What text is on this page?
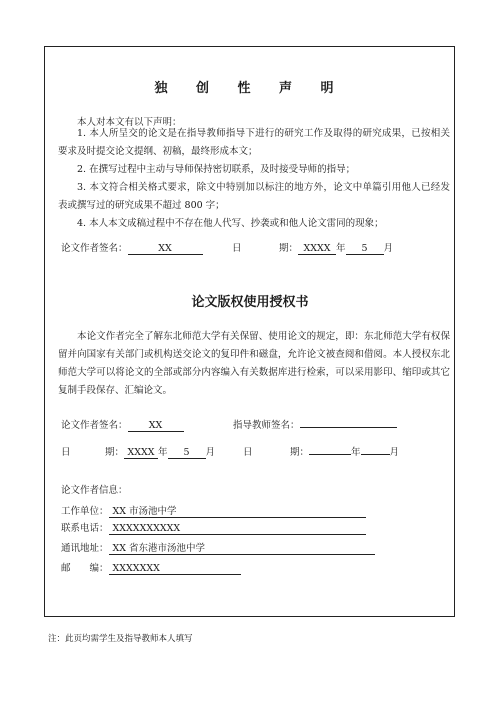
独 创 性 声 明
本人对本文有以下声明：
1. 本人所呈交的论文是在指导教师指导下进行的研究工作及取得的研究成果，已按相关要求及时提交论文提纲、初稿，最终形成本文；
2. 在撰写过程中主动与导师保持密切联系，及时接受导师的指导；
3. 本文符合相关格式要求，除文中特别加以标注的地方外，论文中单篇引用他人已经发表或撰写过的研究成果不超过 800 字；
4. 本人本文成稿过程中不存在他人代写、抄袭或和他人论文雷同的现象；
论文作者签名：	XX	日	期： XXXX 年 5 月
论文版权使用授权书
本论文作者完全了解东北师范大学有关保留、使用论文的规定，即：东北师范大学有权保留并向国家有关部门或机构送交论文的复印件和磁盘，允许论文被查阅和借阅。本人授权东北师范大学可以将论文的全部或部分内容编入有关数据库进行检索，可以采用影印、缩印或其它复制手段保存、汇编论文。
论文作者签名： XX	指导教师签名：
日	期： XXXX 年 5 月	日	期：	年	月
论文作者信息：
工作单位： XX 市汤池中学
联系电话： XXXXXXXXXX
通讯地址： XX 省东港市汤池中学
邮　　编： XXXXXXX
注：此页均需学生及指导教师本人填写
